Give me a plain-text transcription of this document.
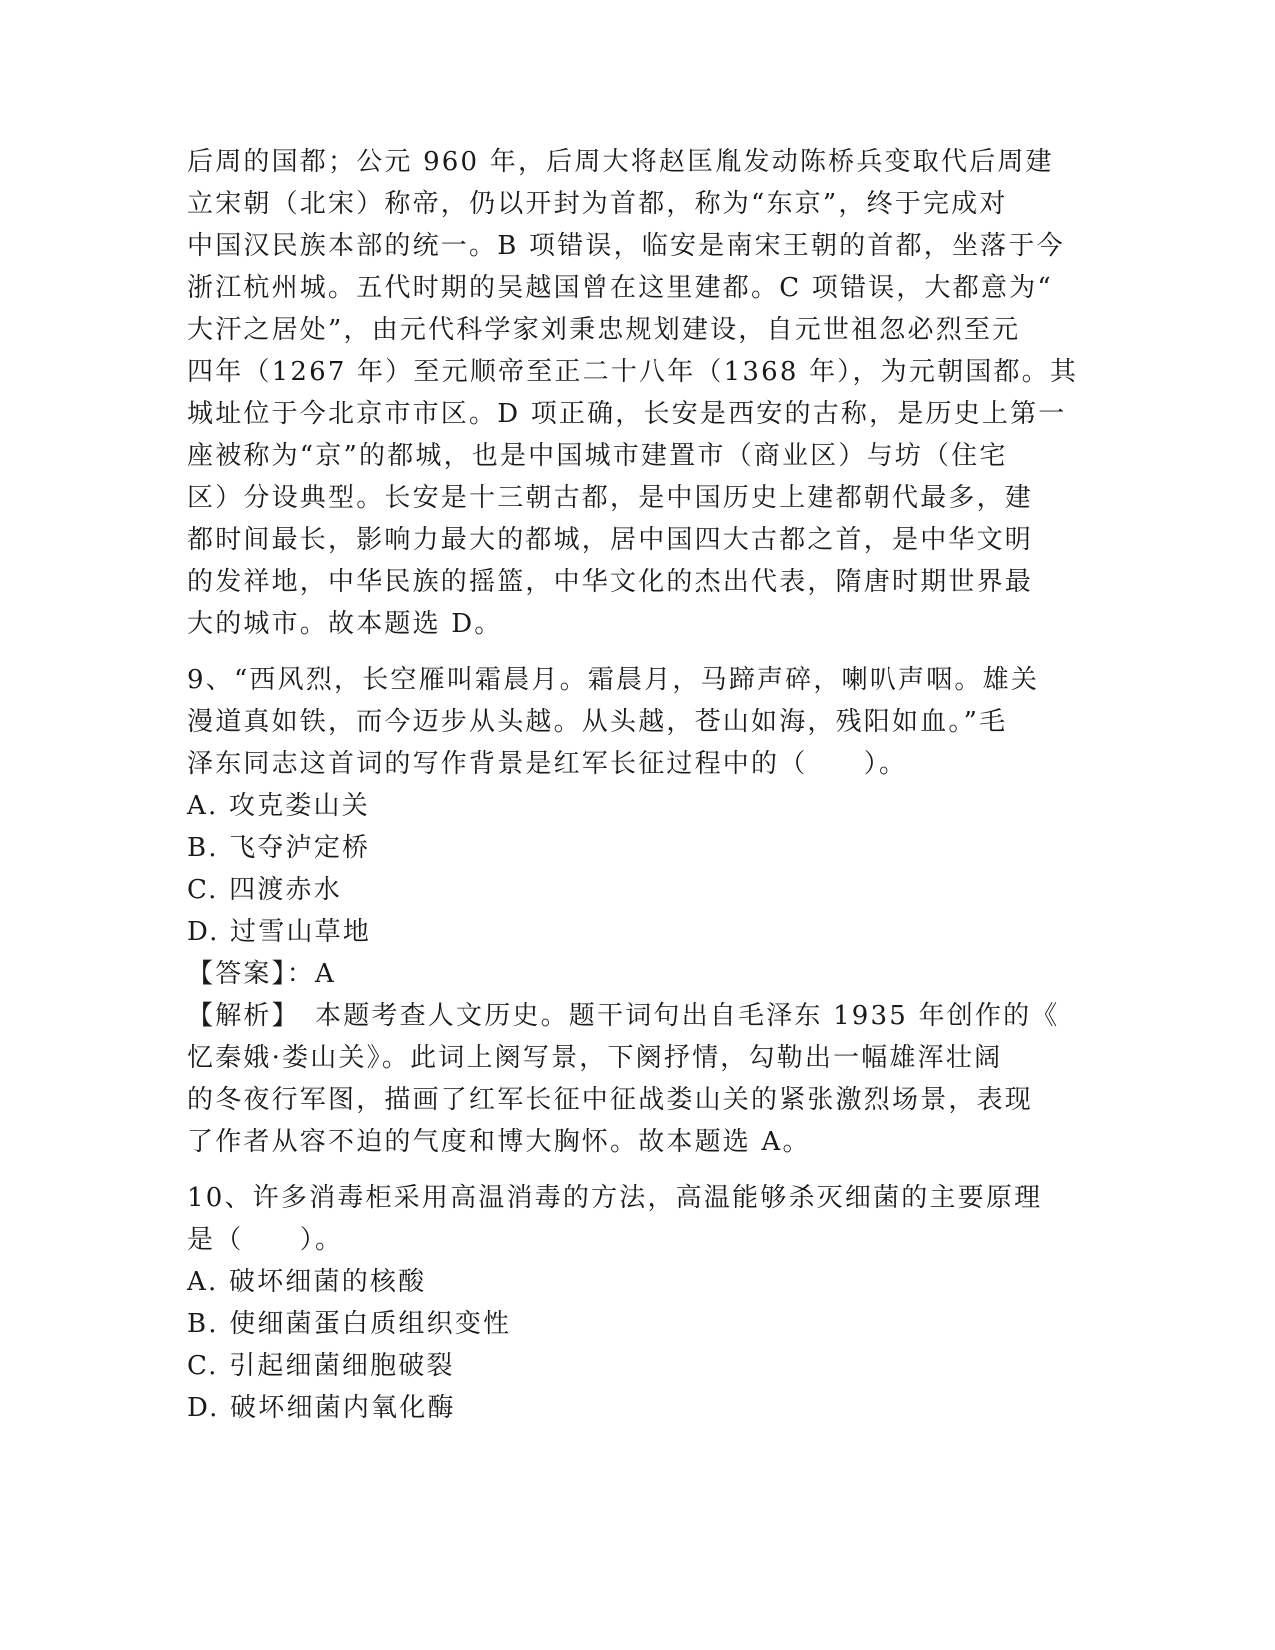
后周的国都；公元 960 年，后周大将赵匡胤发动陈桥兵变取代后周建
立宋朝（北宋）称帝，仍以开封为首都，称为“东京”，终于完成对
中国汉民族本部的统一。B 项错误，临安是南宋王朝的首都，坐落于今
浙江杭州城。五代时期的吴越国曾在这里建都。C 项错误，大都意为“
大汗之居处”，由元代科学家刘秉忠规划建设，自元世祖忽必烈至元
四年（1267 年）至元顺帝至正二十八年（1368 年），为元朝国都。其
城址位于今北京市市区。D 项正确，长安是西安的古称，是历史上第一
座被称为“京”的都城，也是中国城市建置市（商业区）与坊（住宅
区）分设典型。长安是十三朝古都，是中国历史上建都朝代最多，建
都时间最长，影响力最大的都城，居中国四大古都之首，是中华文明
的发祥地，中华民族的摇篮，中华文化的杰出代表，隋唐时期世界最
大的城市。故本题选 D。
9、“西风烈，长空雁叫霜晨月。霜晨月，马蹄声碎，喇叭声咽。雄关
漫道真如铁，而今迈步从头越。从头越，苍山如海，残阳如血。”毛
泽东同志这首词的写作背景是红军长征过程中的（　　）。
A. 攻克娄山关
B. 飞夺泸定桥
C. 四渡赤水
D. 过雪山草地
【答案】：A
【解析】　本题考查人文历史。题干词句出自毛泽东 1935 年创作的《
忆秦娥·娄山关》。此词上阕写景，下阕抒情，勾勒出一幅雄浑壮阔
的冬夜行军图，描画了红军长征中征战娄山关的紧张激烈场景，表现
了作者从容不迫的气度和博大胸怀。故本题选 A。
10、许多消毒柜采用高温消毒的方法，高温能够杀灭细菌的主要原理
是（　　）。
A. 破坏细菌的核酸
B. 使细菌蛋白质组织变性
C. 引起细菌细胞破裂
D. 破坏细菌内氧化酶
